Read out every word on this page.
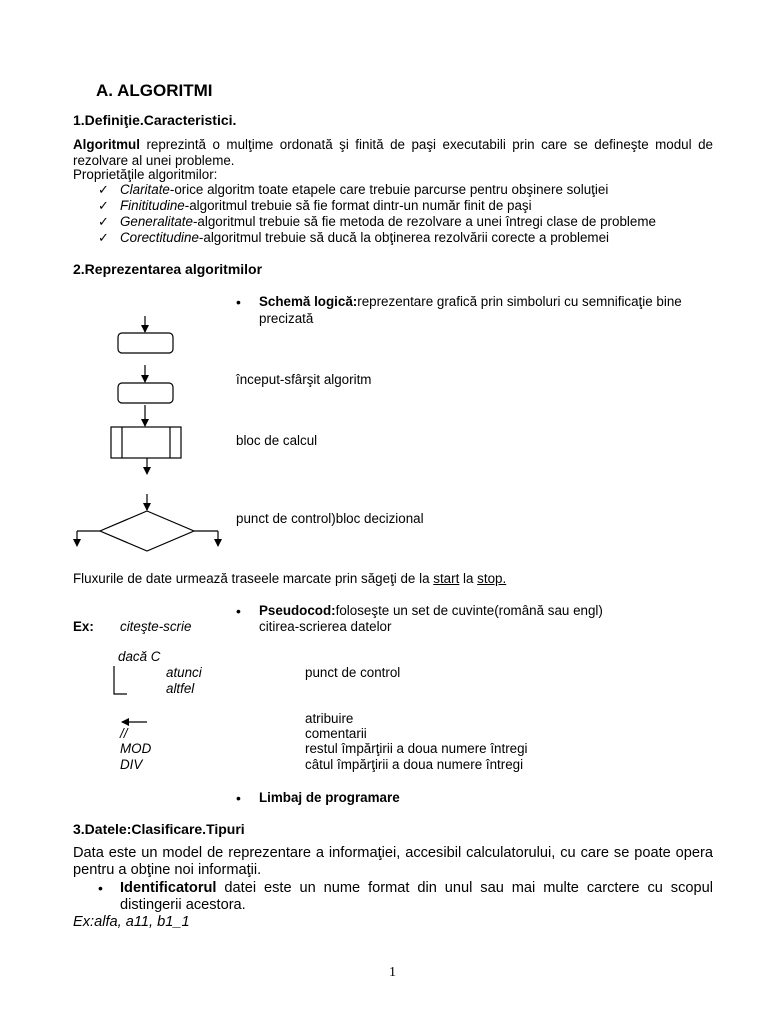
A. ALGORITMI
1.Definiţie.Caracteristici.
Algoritmul reprezintă o mulţime ordonată şi finită de paşi executabili prin care se defineşte modul de rezolvare al unei probleme.
Proprietăţile algoritmilor:
✓ Claritate-orice algoritm toate etapele care trebuie parcurse pentru obşinere soluţiei
✓ Finititudine-algoritmul trebuie să fie format dintr-un număr finit de paşi
✓ Generalitate-algoritmul trebuie să fie metoda de rezolvare a unei întregi clase de probleme
✓ Corectitudine-algoritmul trebuie să ducă la obţinerea rezolvării corecte a problemei
2.Reprezentarea algoritmilor
• Schemă logică:reprezentare grafică prin simboluri cu semnificaţie bine
precizată
început-sfârşit algoritm
bloc de calcul
punct de control)bloc decizional
Fluxurile de date urmează traseele marcate prin săgeţi de la start la stop.
• Pseudocod:foloseşte un set de cuvinte(română sau engl)
Ex: citeşte-scrie	citirea-scrierea datelor
dacă C
atunci	punct de control
altfel
atribuire
//	comentarii
MOD	restul împărţirii a doua numere întregi
DIV	câtul împărţirii a doua numere întregi
• Limbaj de programare
3.Datele:Clasificare.Tipuri
Data este un model de reprezentare a informaţiei, accesibil calculatorului, cu care se poate opera pentru a obţine noi informaţii.
• Identificatorul datei este un nume format din unul sau mai multe carctere cu scopul distingerii acestora.
Ex:alfa, a11, b1_1
1
